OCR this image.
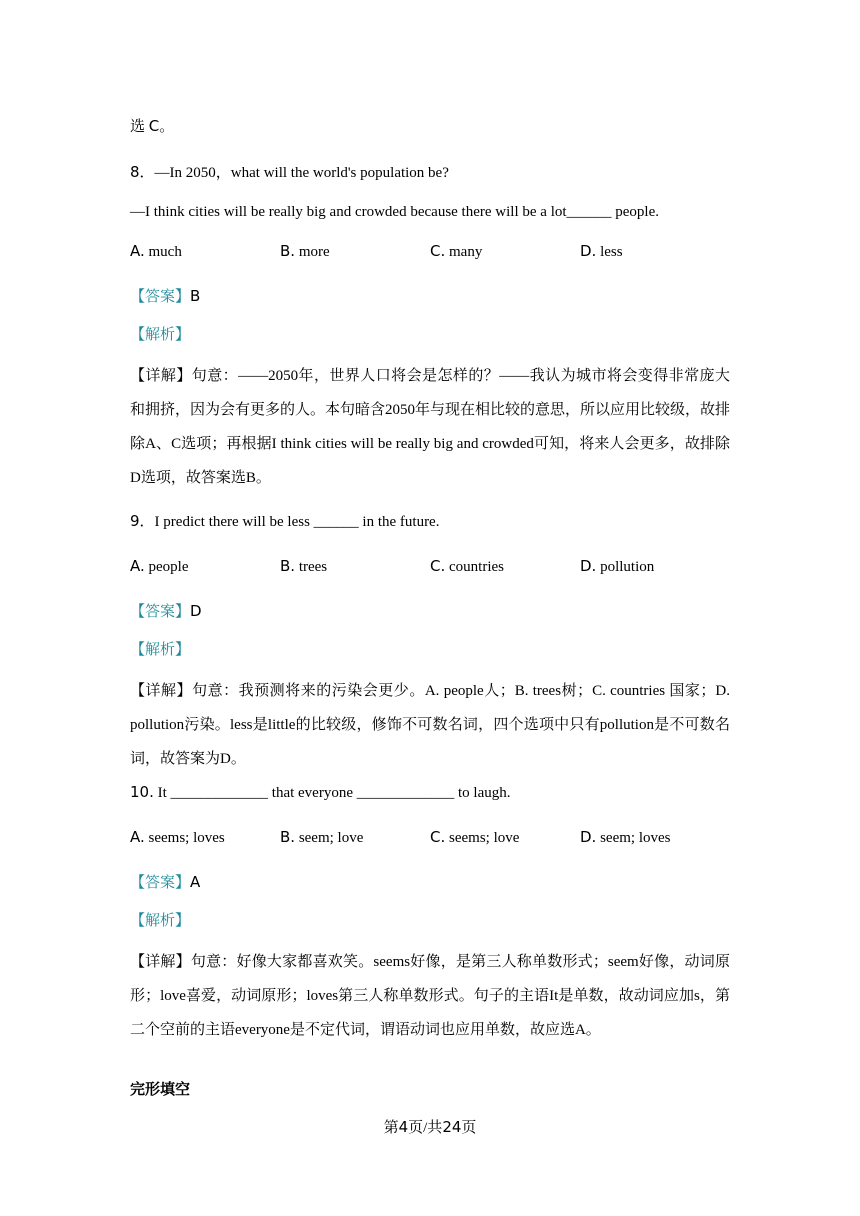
选 C。
8．—In 2050，what will the world's population be?
—I think cities will be really big and crowded because there will be a lot______ people.
A. much	B. more	C. many	D. less
【答案】B
【解析】
【详解】句意：——2050年，世界人口将会是怎样的？——我认为城市将会变得非常庞大和拥挤，因为会有更多的人。本句暗含2050年与现在相比较的意思，所以应用比较级，故排除A、C选项；再根据I think cities will be really big and crowded可知，将来人会更多，故排除D选项，故答案选B。
9．I predict there will be less ______ in the future.
A. people	B. trees	C. countries	D. pollution
【答案】D
【解析】
【详解】句意：我预测将来的污染会更少。A. people人；B. trees树；C. countries 国家；D. pollution污染。less是little的比较级，修饰不可数名词，四个选项中只有pollution是不可数名词，故答案为D。
10. It _____________ that everyone _____________ to laugh.
A. seems; loves	B. seem; love	C. seems; love	D. seem; loves
【答案】A
【解析】
【详解】句意：好像大家都喜欢笑。seems好像，是第三人称单数形式；seem好像，动词原形；love喜爱，动词原形；loves第三人称单数形式。句子的主语It是单数，故动词应加s，第二个空前的主语everyone是不定代词，谓语动词也应用单数，故应选A。
完形填空
第4页/共24页
